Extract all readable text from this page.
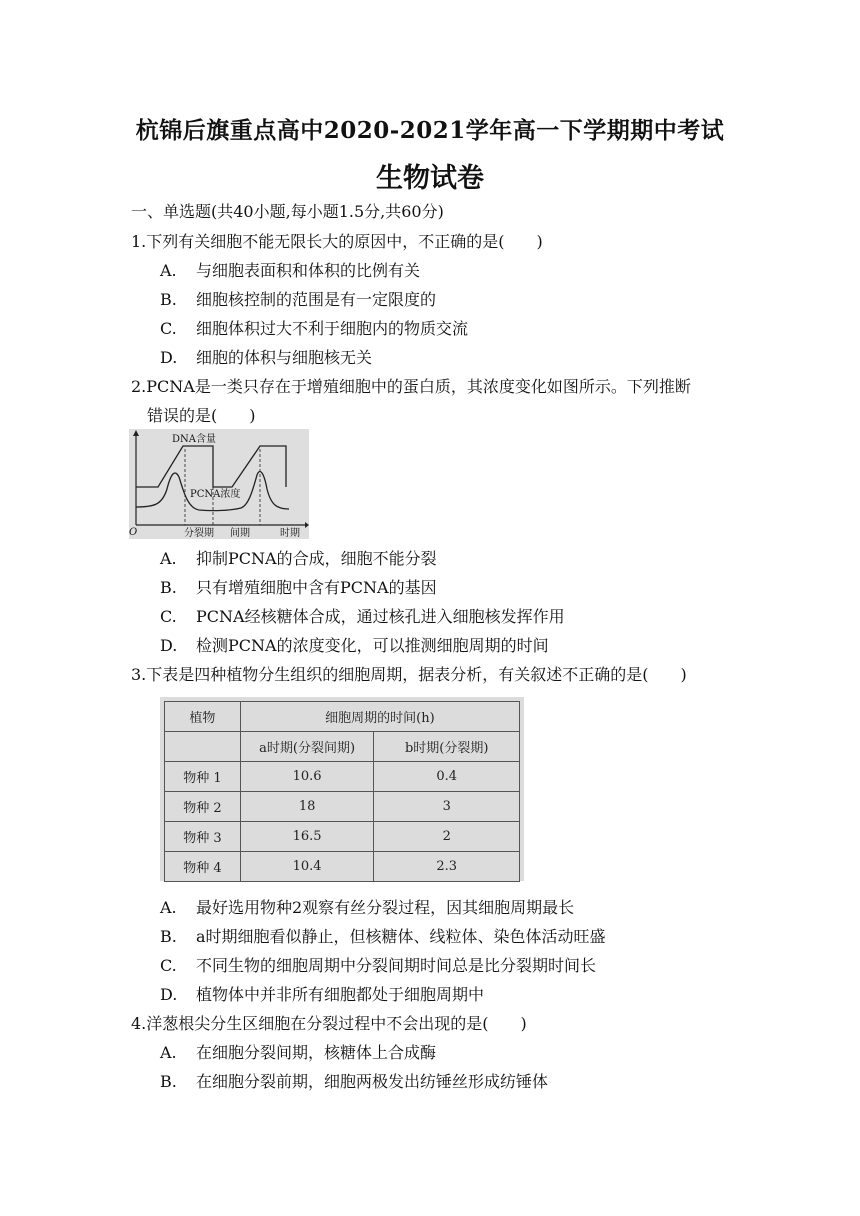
杭锦后旗重点高中2020-2021学年高一下学期期中考试
生物试卷
一、单选题(共40小题,每小题1.5分,共60分)
1.下列有关细胞不能无限长大的原因中，不正确的是( )
A. 与细胞表面积和体积的比例有关
B. 细胞核控制的范围是有一定限度的
C. 细胞体积过大不利于细胞内的物质交流
D. 细胞的体积与细胞核无关
2.PCNA是一类只存在于增殖细胞中的蛋白质，其浓度变化如图所示。下列推断
错误的是( )
DNA含量
PCNA浓度
O	分裂期 间期	时期
A. 抑制PCNA的合成，细胞不能分裂
B. 只有增殖细胞中含有PCNA的基因
C. PCNA经核糖体合成，通过核孔进入细胞核发挥作用
D. 检测PCNA的浓度变化，可以推测细胞周期的时间
3.下表是四种植物分生组织的细胞周期，据表分析，有关叙述不正确的是( )
植物	细胞周期的时间(h)	
	a时期(分裂间期)	b时期(分裂期)
物种 1	10.6	0.4
物种 2	18	3
物种 3	16.5	2
物种 4	10.4	2.3
A. 最好选用物种2观察有丝分裂过程，因其细胞周期最长
B. a时期细胞看似静止，但核糖体、线粒体、染色体活动旺盛
C. 不同生物的细胞周期中分裂间期时间总是比分裂期时间长
D. 植物体中并非所有细胞都处于细胞周期中
4.洋葱根尖分生区细胞在分裂过程中不会出现的是( )
A. 在细胞分裂间期，核糖体上合成酶
B. 在细胞分裂前期，细胞两极发出纺锤丝形成纺锤体
